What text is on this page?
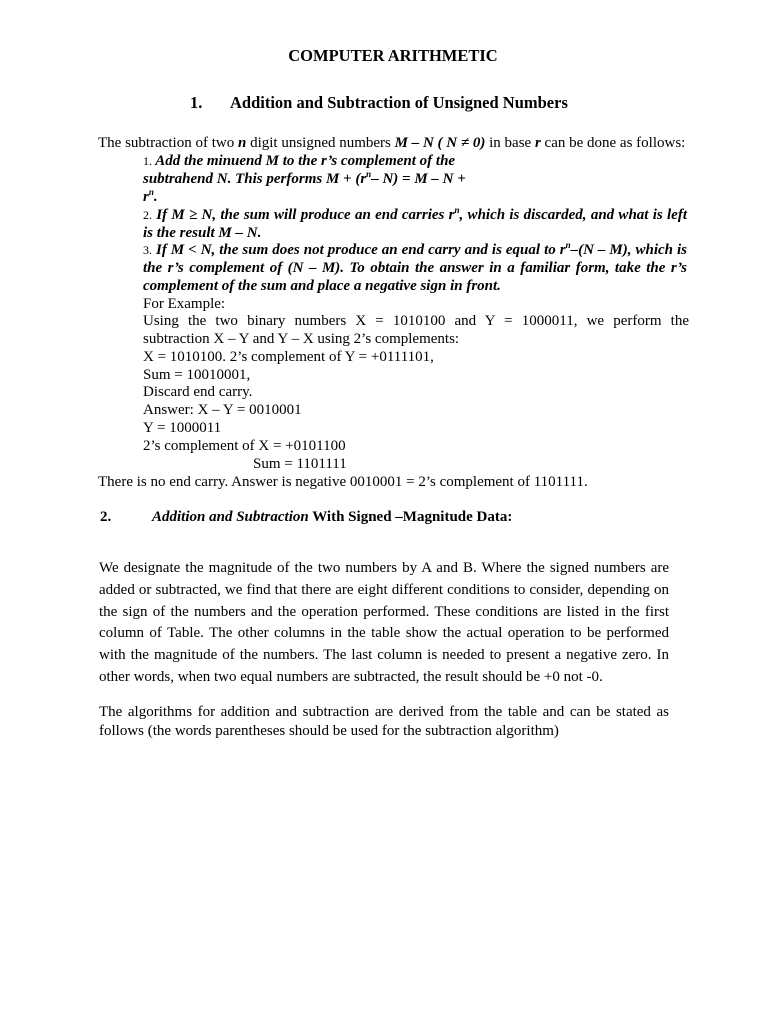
COMPUTER ARITHMETIC
1. Addition and Subtraction of Unsigned Numbers
The subtraction of two n digit unsigned numbers M – N ( N ≠ 0) in base r can be done as follows:
1. Add the minuend M to the r’s complement of the
subtrahend N. This performs $M + (r^n-$ N) = M – N +
$r^n$.
2. If M ≥ N, the sum will produce an end carries $r^n$, which is discarded, and what is left
is the result M – N.
3. If M < N, the sum does not produce an end carry and is equal to $r^n-(N - M)$, which is
the r’s complement of (N – M). To obtain the answer in a familiar form, take the r’s
complement of the sum and place a negative sign in front.
For Example:
Using the two binary numbers X = 1010100 and Y = 1000011, we perform the
subtraction X – Y and Y – X using 2’s complements:
X = 1010100. 2’s complement of Y = +0111101,
Sum = 10010001,
Discard end carry.
Answer: X – Y = 0010001
Y = 1000011
2’s complement of X = +0101100
Sum = 1101111
There is no end carry. Answer is negative 0010001 = 2’s complement of 1101111.
2.	Addition and Subtraction With Signed –Magnitude Data:
We designate the magnitude of the two numbers by A and B. Where the signed numbers are
added or subtracted, we find that there are eight different conditions to consider, depending on
the sign of the numbers and the operation performed. These conditions are listed in the first
column of Table. The other columns in the table show the actual operation to be performed
with the magnitude of the numbers. The last column is needed to present a negative zero. In
other words, when two equal numbers are subtracted, the result should be +0 not -0.
The algorithms for addition and subtraction are derived from the table and can be stated as
follows (the words parentheses should be used for the subtraction algorithm)
